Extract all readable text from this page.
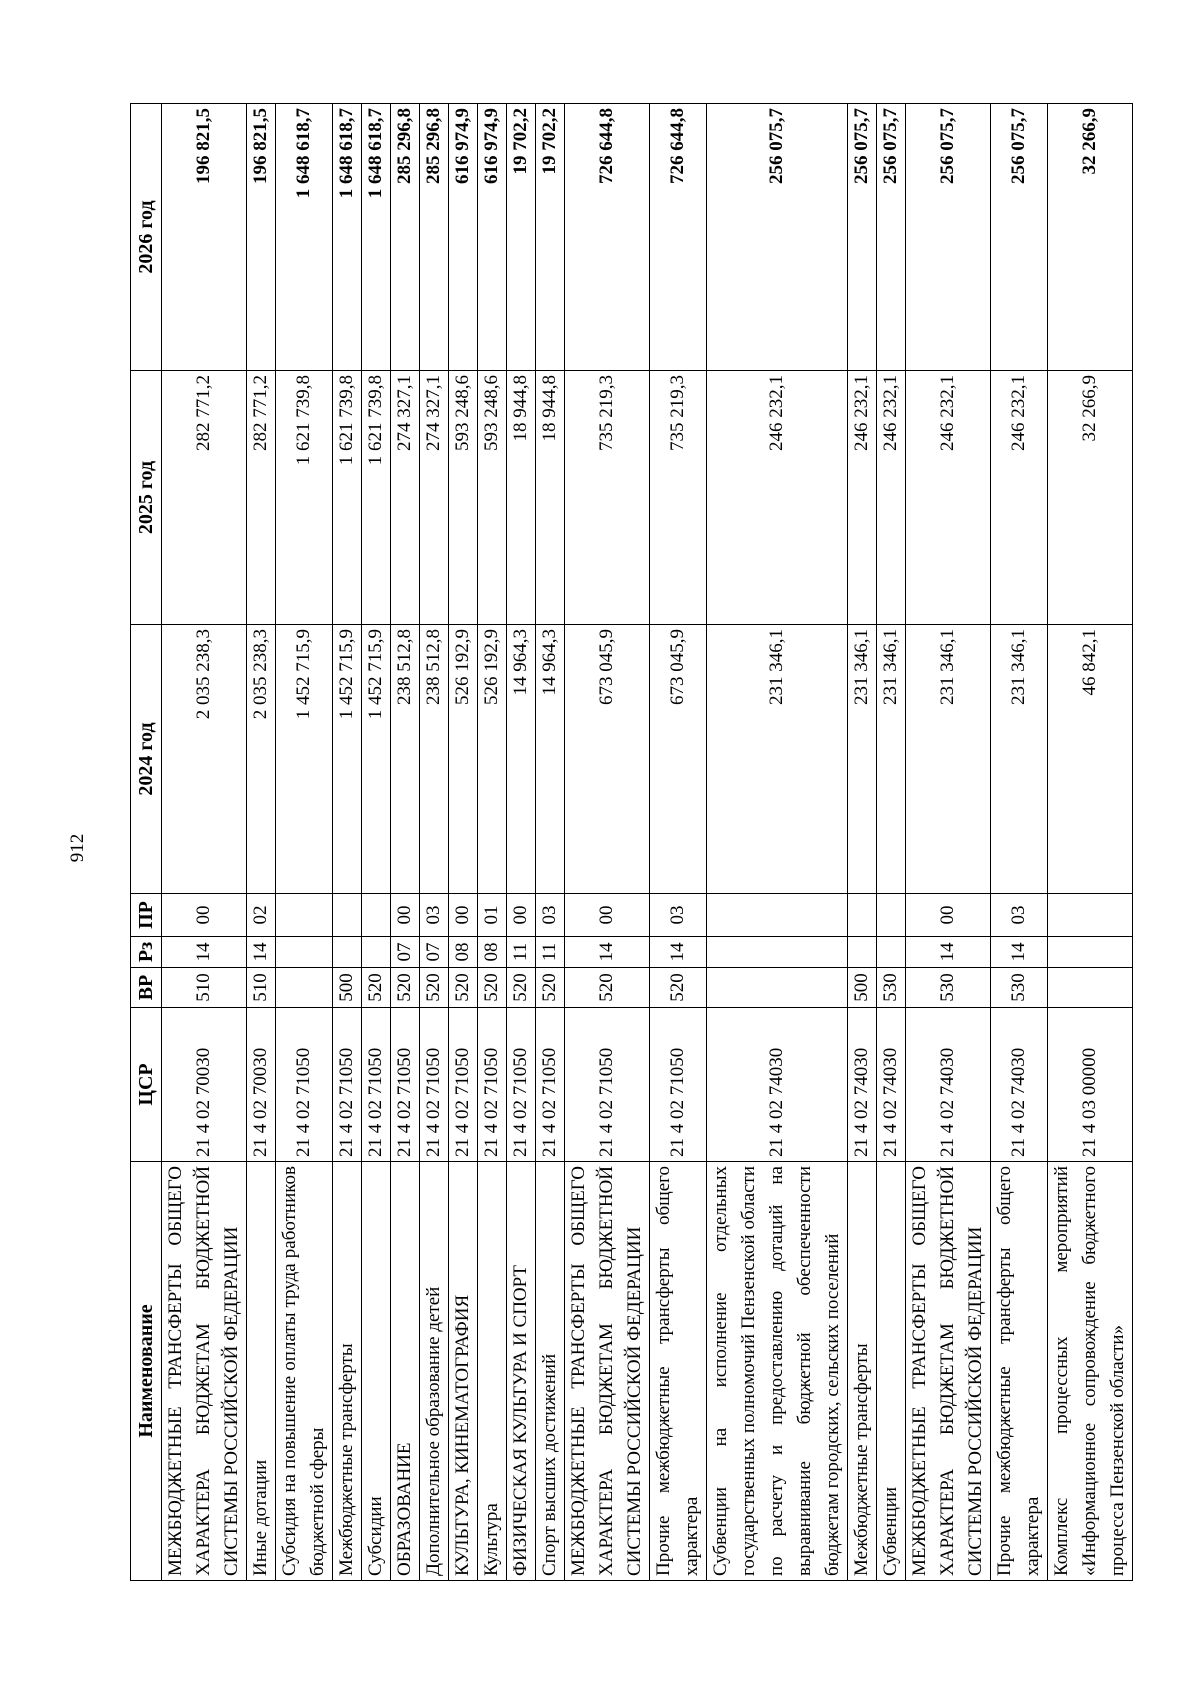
912
Наименование	ЦСР	ВР	Рз	ПР	2024 год	2025 год	2026 год
МЕЖБЮДЖЕТНЫЕ ТРАНСФЕРТЫ ОБЩЕГО ХАРАКТЕРА БЮДЖЕТАМ БЮДЖЕТНОЙ СИСТЕМЫ РОССИЙСКОЙ ФЕДЕРАЦИИ	21 4 02 70030	510	14	00	2 035 238,3	282 771,2	196 821,5
Иные дотации	21 4 02 70030	510	14	02	2 035 238,3	282 771,2	196 821,5
Субсидия на повышение оплаты труда работников бюджетной сферы	21 4 02 71050				1 452 715,9	1 621 739,8	1 648 618,7
Межбюджетные трансферты	21 4 02 71050	500			1 452 715,9	1 621 739,8	1 648 618,7
Субсидии	21 4 02 71050	520			1 452 715,9	1 621 739,8	1 648 618,7
ОБРАЗОВАНИЕ	21 4 02 71050	520	07	00	238 512,8	274 327,1	285 296,8
Дополнительное образование детей	21 4 02 71050	520	07	03	238 512,8	274 327,1	285 296,8
КУЛЬТУРА, КИНЕМАТОГРАФИЯ	21 4 02 71050	520	08	00	526 192,9	593 248,6	616 974,9
Культура	21 4 02 71050	520	08	01	526 192,9	593 248,6	616 974,9
ФИЗИЧЕСКАЯ КУЛЬТУРА И СПОРТ	21 4 02 71050	520	11	00	14 964,3	18 944,8	19 702,2
Спорт высших достижений	21 4 02 71050	520	11	03	14 964,3	18 944,8	19 702,2
МЕЖБЮДЖЕТНЫЕ ТРАНСФЕРТЫ ОБЩЕГО ХАРАКТЕРА БЮДЖЕТАМ БЮДЖЕТНОЙ СИСТЕМЫ РОССИЙСКОЙ ФЕДЕРАЦИИ	21 4 02 71050	520	14	00	673 045,9	735 219,3	726 644,8
Прочие межбюджетные трансферты общего характера	21 4 02 71050	520	14	03	673 045,9	735 219,3	726 644,8
Субвенции на исполнение отдельных государственных полномочий Пензенской области по расчету и предоставлению дотаций на выравнивание бюджетной обеспеченности бюджетам городских, сельских поселений	21 4 02 74030				231 346,1	246 232,1	256 075,7
Межбюджетные трансферты	21 4 02 74030	500			231 346,1	246 232,1	256 075,7
Субвенции	21 4 02 74030	530			231 346,1	246 232,1	256 075,7
МЕЖБЮДЖЕТНЫЕ ТРАНСФЕРТЫ ОБЩЕГО ХАРАКТЕРА БЮДЖЕТАМ БЮДЖЕТНОЙ СИСТЕМЫ РОССИЙСКОЙ ФЕДЕРАЦИИ	21 4 02 74030	530	14	00	231 346,1	246 232,1	256 075,7
Прочие межбюджетные трансферты общего характера	21 4 02 74030	530	14	03	231 346,1	246 232,1	256 075,7
Комплекс процессных мероприятий «Информационное сопровождение бюджетного процесса Пензенской области»	21 4 03 00000				46 842,1	32 266,9	32 266,9
